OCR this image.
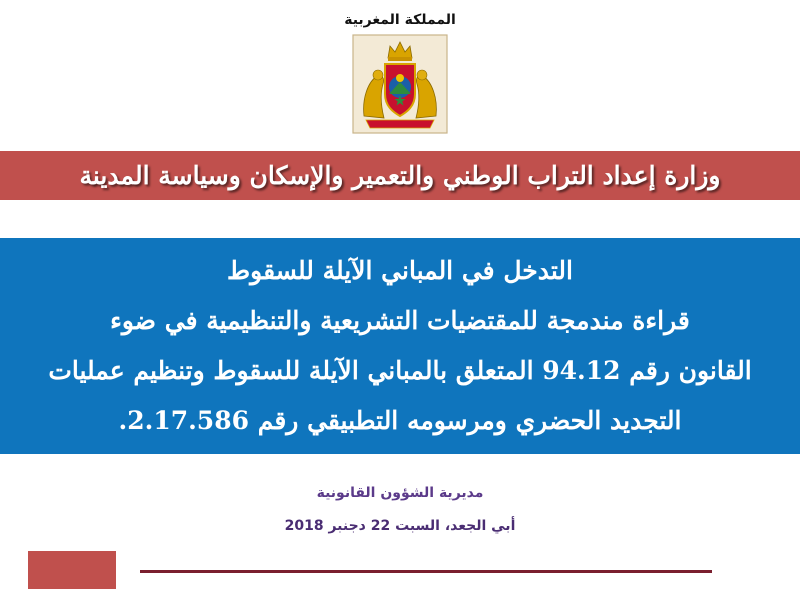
المملكة المغربية
وزارة إعداد التراب الوطني والتعمير والإسكان وسياسة المدينة
التدخل في المباني الآيلة للسقوط
قراءة مندمجة للمقتضيات التشريعية والتنظيمية في ضوء
القانون رقم 94.12 المتعلق بالمباني الآيلة للسقوط وتنظيم عمليات
التجديد الحضري ومرسومه التطبيقي رقم 2.17.586.
مديرية الشؤون القانونية
أبي الجعد، السبت 22 دجنبر 2018
